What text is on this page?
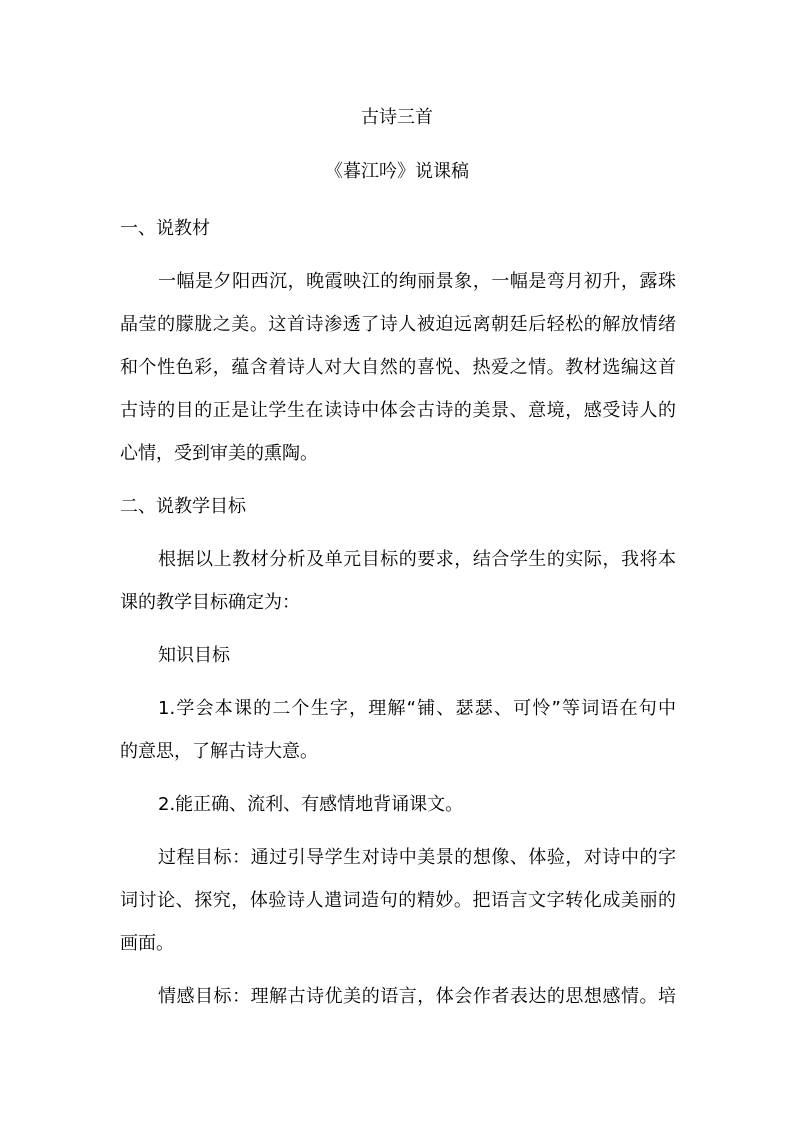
古诗三首
《暮江吟》说课稿
一、说教材
一幅是夕阳西沉，晚霞映江的绚丽景象，一幅是弯月初升，露珠
晶莹的朦胧之美。这首诗渗透了诗人被迫远离朝廷后轻松的解放情绪
和个性色彩，蕴含着诗人对大自然的喜悦、热爱之情。教材选编这首
古诗的目的正是让学生在读诗中体会古诗的美景、意境，感受诗人的
心情，受到审美的熏陶。
二、说教学目标
根据以上教材分析及单元目标的要求，结合学生的实际，我将本
课的教学目标确定为：
知识目标
1.学会本课的二个生字，理解“铺、瑟瑟、可怜”等词语在句中
的意思，了解古诗大意。
2.能正确、流利、有感情地背诵课文。
过程目标：通过引导学生对诗中美景的想像、体验，对诗中的字
词讨论、探究，体验诗人遣词造句的精妙。把语言文字转化成美丽的
画面。
情感目标：理解古诗优美的语言，体会作者表达的思想感情。培
